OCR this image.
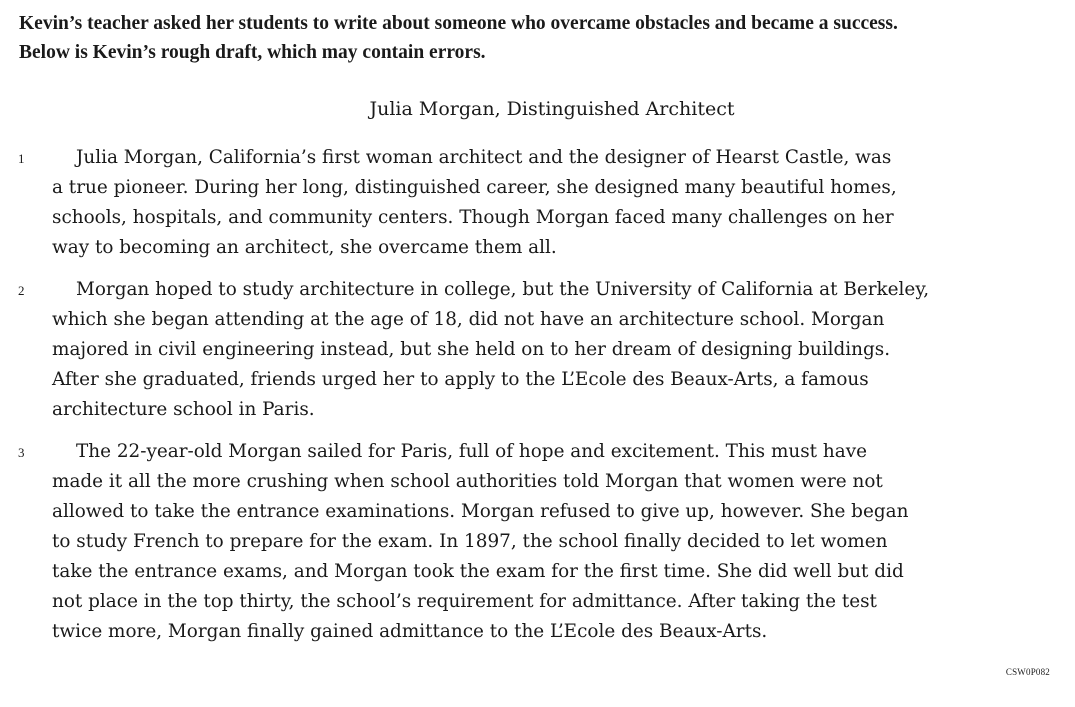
Kevin’s teacher asked her students to write about someone who overcame obstacles and became a success.
Below is Kevin’s rough draft, which may contain errors.
Julia Morgan, Distinguished Architect
1	Julia Morgan, California’s first woman architect and the designer of Hearst Castle, was
a true pioneer. During her long, distinguished career, she designed many beautiful homes,
schools, hospitals, and community centers. Though Morgan faced many challenges on her
way to becoming an architect, she overcame them all.
2	Morgan hoped to study architecture in college, but the University of California at Berkeley,
which she began attending at the age of 18, did not have an architecture school. Morgan
majored in civil engineering instead, but she held on to her dream of designing buildings.
After she graduated, friends urged her to apply to the L’Ecole des Beaux-Arts, a famous
architecture school in Paris.
3	The 22-year-old Morgan sailed for Paris, full of hope and excitement. This must have
made it all the more crushing when school authorities told Morgan that women were not
allowed to take the entrance examinations. Morgan refused to give up, however. She began
to study French to prepare for the exam. In 1897, the school finally decided to let women
take the entrance exams, and Morgan took the exam for the first time. She did well but did
not place in the top thirty, the school’s requirement for admittance. After taking the test
twice more, Morgan finally gained admittance to the L’Ecole des Beaux-Arts.
CSW0P082
